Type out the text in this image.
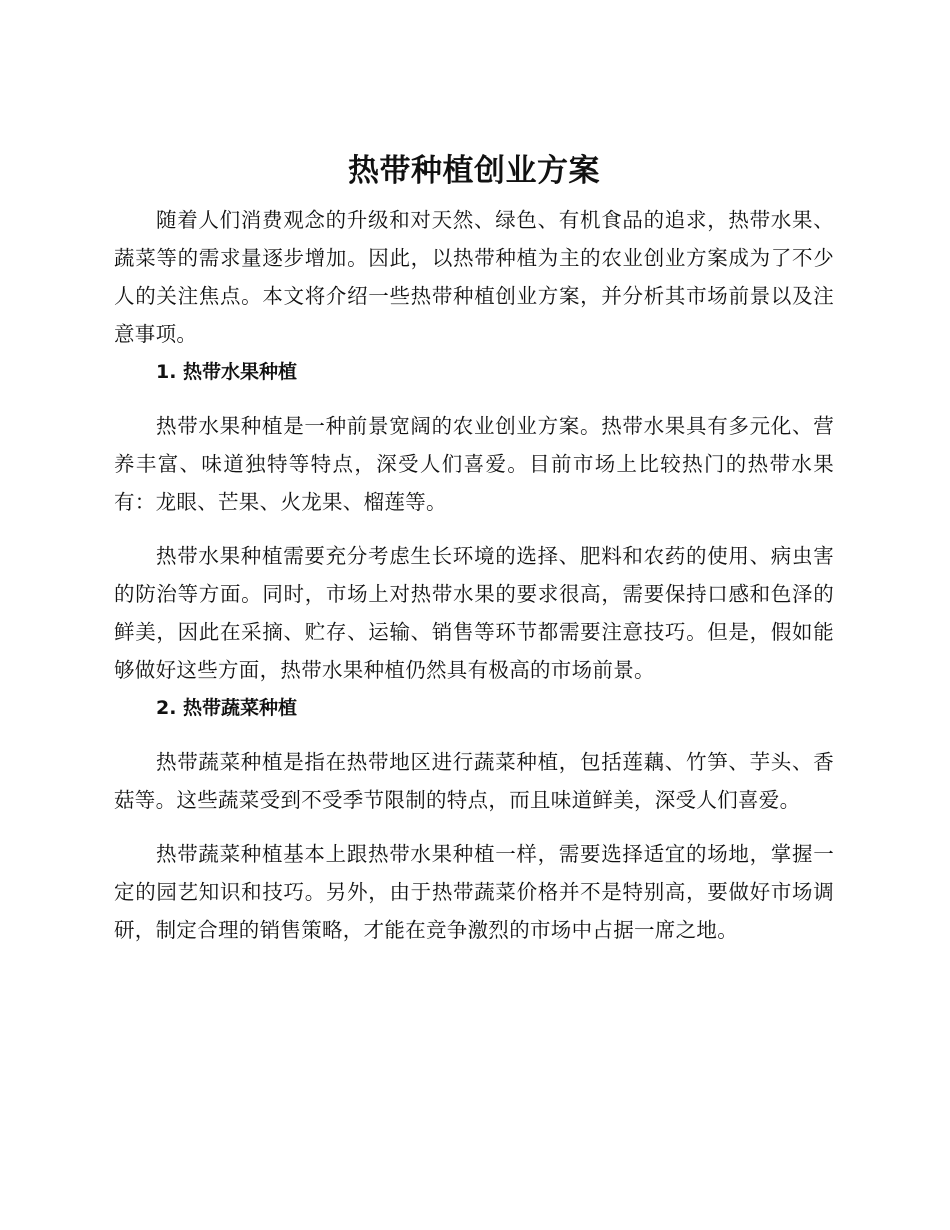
热带种植创业方案

随着人们消费观念的升级和对天然、绿色、有机食品的追求，热带水果、蔬菜等的需求量逐步增加。因此，以热带种植为主的农业创业方案成为了不少人的关注焦点。本文将介绍一些热带种植创业方案，并分析其市场前景以及注意事项。

1. 热带水果种植

热带水果种植是一种前景宽阔的农业创业方案。热带水果具有多元化、营养丰富、味道独特等特点，深受人们喜爱。目前市场上比较热门的热带水果有：龙眼、芒果、火龙果、榴莲等。

热带水果种植需要充分考虑生长环境的选择、肥料和农药的使用、病虫害的防治等方面。同时，市场上对热带水果的要求很高，需要保持口感和色泽的鲜美，因此在采摘、贮存、运输、销售等环节都需要注意技巧。但是，假如能够做好这些方面，热带水果种植仍然具有极高的市场前景。

2. 热带蔬菜种植

热带蔬菜种植是指在热带地区进行蔬菜种植，包括莲藕、竹笋、芋头、香菇等。这些蔬菜受到不受季节限制的特点，而且味道鲜美，深受人们喜爱。

热带蔬菜种植基本上跟热带水果种植一样，需要选择适宜的场地，掌握一定的园艺知识和技巧。另外，由于热带蔬菜价格并不是特别高，要做好市场调研，制定合理的销售策略，才能在竞争激烈的市场中占据一席之地。
